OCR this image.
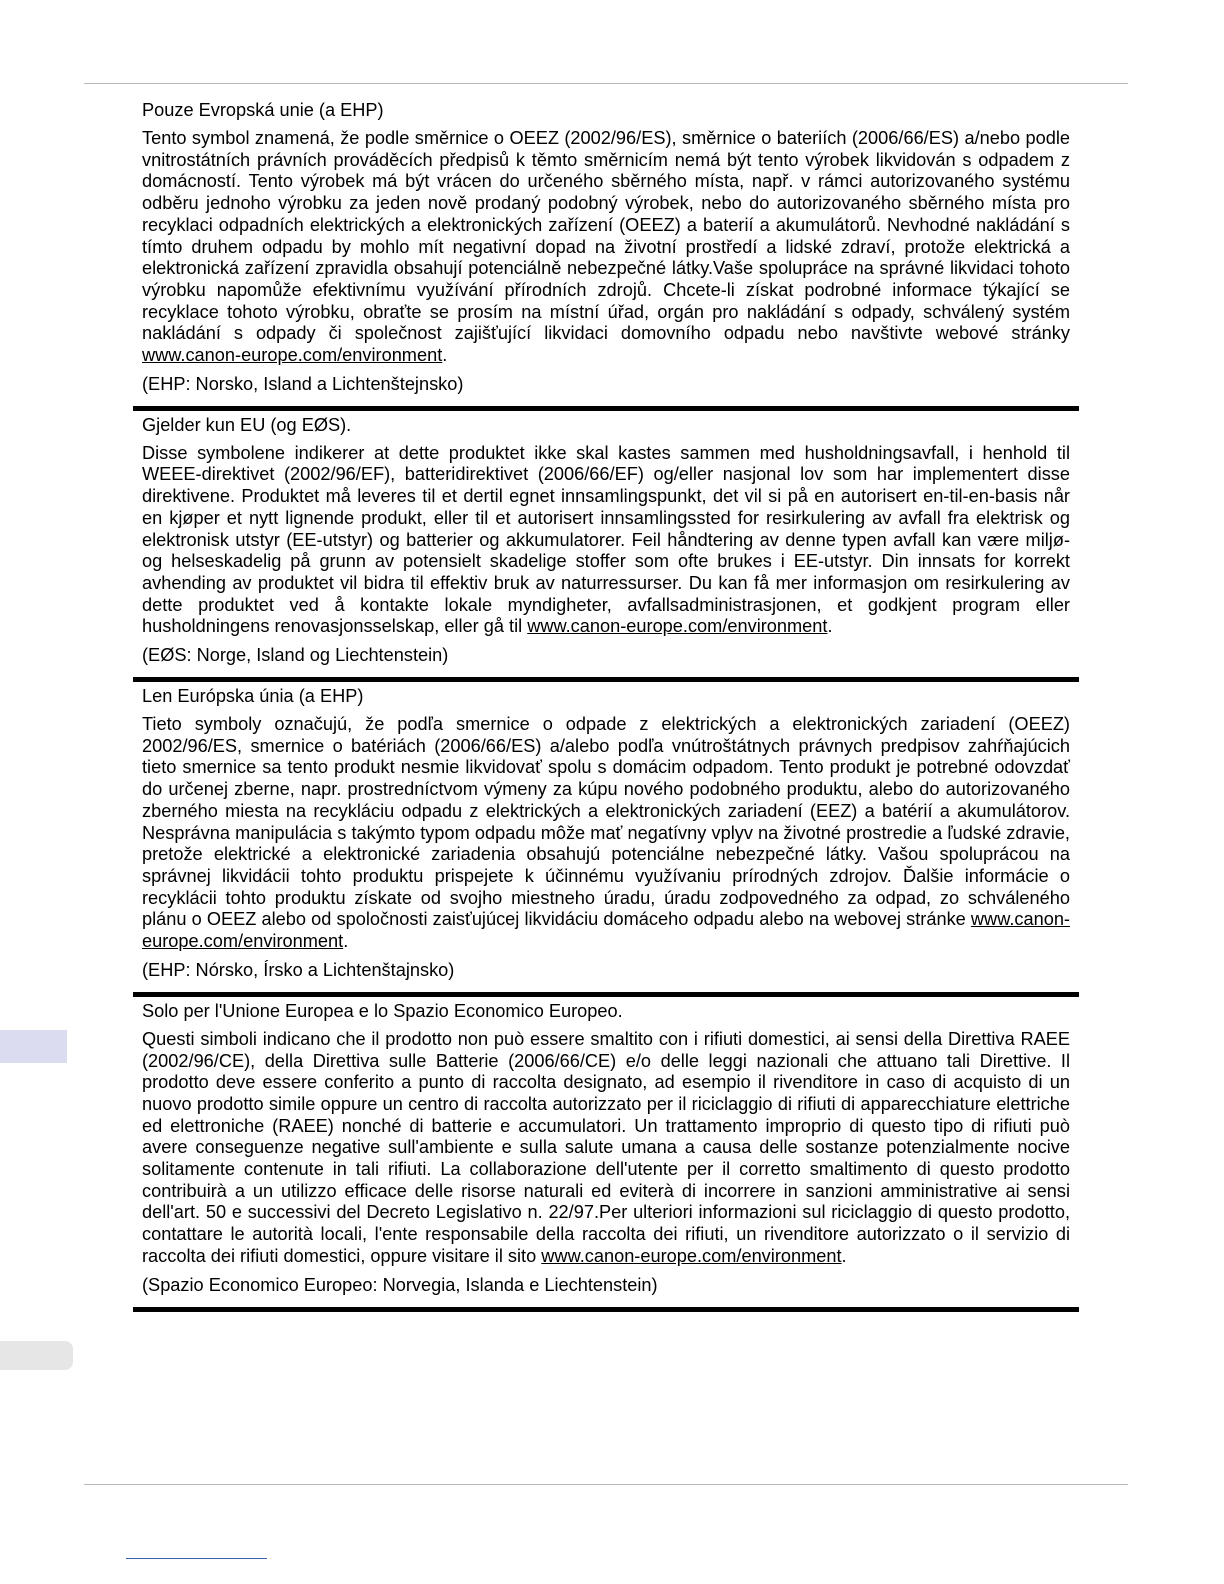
Pouze Evropská unie (a EHP)

Tento symbol znamená, že podle směrnice o OEEZ (2002/96/ES), směrnice o bateriích (2006/66/ES) a/nebo podle vnitrostátních právních prováděcích předpisů k těmto směrnicím nemá být tento výrobek likvidován s odpadem z domácností. Tento výrobek má být vrácen do určeného sběrného místa, např. v rámci autorizovaného systému odběru jednoho výrobku za jeden nově prodaný podobný výrobek, nebo do autorizovaného sběrného místa pro recyklaci odpadních elektrických a elektronických zařízení (OEEZ) a baterií a akumulátorů. Nevhodné nakládání s tímto druhem odpadu by mohlo mít negativní dopad na životní prostředí a lidské zdraví, protože elektrická a elektronická zařízení zpravidla obsahují potenciálně nebezpečné látky.Vaše spolupráce na správné likvidaci tohoto výrobku napomůže efektivnímu využívání přírodních zdrojů. Chcete-li získat podrobné informace týkající se recyklace tohoto výrobku, obraťte se prosím na místní úřad, orgán pro nakládání s odpady, schválený systém nakládání s odpady či společnost zajišťující likvidaci domovního odpadu nebo navštivte webové stránky www.canon-europe.com/environment.

(EHP: Norsko, Island a Lichtenštejnsko)
Gjelder kun EU (og EØS).

Disse symbolene indikerer at dette produktet ikke skal kastes sammen med husholdningsavfall, i henhold til WEEE-direktivet (2002/96/EF), batteridirektivet (2006/66/EF) og/eller nasjonal lov som har implementert disse direktivene. Produktet må leveres til et dertil egnet innsamlingspunkt, det vil si på en autorisert en-til-en-basis når en kjøper et nytt lignende produkt, eller til et autorisert innsamlingssted for resirkulering av avfall fra elektrisk og elektronisk utstyr (EE-utstyr) og batterier og akkumulatorer. Feil håndtering av denne typen avfall kan være miljø- og helseskadelig på grunn av potensielt skadelige stoffer som ofte brukes i EE-utstyr. Din innsats for korrekt avhending av produktet vil bidra til effektiv bruk av naturressurser. Du kan få mer informasjon om resirkulering av dette produktet ved å kontakte lokale myndigheter, avfallsadministrasjonen, et godkjent program eller husholdningens renovasjonsselskap, eller gå til www.canon-europe.com/environment.

(EØS: Norge, Island og Liechtenstein)
Len Európska únia (a EHP)

Tieto symboly označujú, že podľa smernice o odpade z elektrických a elektronických zariadení (OEEZ) 2002/96/ES, smernice o batériách (2006/66/ES) a/alebo podľa vnútroštátnych právnych predpisov zahŕňajúcich tieto smernice sa tento produkt nesmie likvidovať spolu s domácim odpadom. Tento produkt je potrebné odovzdať do určenej zberne, napr. prostredníctvom výmeny za kúpu nového podobného produktu, alebo do autorizovaného zberného miesta na recykláciu odpadu z elektrických a elektronických zariadení (EEZ) a batérií a akumulátorov. Nesprávna manipulácia s takýmto typom odpadu môže mať negatívny vplyv na životné prostredie a ľudské zdravie, pretože elektrické a elektronické zariadenia obsahujú potenciálne nebezpečné látky. Vašou spoluprácou na správnej likvidácii tohto produktu prispejete k účinnému využívaniu prírodných zdrojov. Ďalšie informácie o recyklácii tohto produktu získate od svojho miestneho úradu, úradu zodpovedného za odpad, zo schváleného plánu o OEEZ alebo od spoločnosti zaisťujúcej likvidáciu domáceho odpadu alebo na webovej stránke www.canon-europe.com/environment.

(EHP: Nórsko, Írsko a Lichtenštajnsko)
Solo per l'Unione Europea e lo Spazio Economico Europeo.

Questi simboli indicano che il prodotto non può essere smaltito con i rifiuti domestici, ai sensi della Direttiva RAEE (2002/96/CE), della Direttiva sulle Batterie (2006/66/CE) e/o delle leggi nazionali che attuano tali Direttive. Il prodotto deve essere conferito a punto di raccolta designato, ad esempio il rivenditore in caso di acquisto di un nuovo prodotto simile oppure un centro di raccolta autorizzato per il riciclaggio di rifiuti di apparecchiature elettriche ed elettroniche (RAEE) nonché di batterie e accumulatori. Un trattamento improprio di questo tipo di rifiuti può avere conseguenze negative sull'ambiente e sulla salute umana a causa delle sostanze potenzialmente nocive solitamente contenute in tali rifiuti. La collaborazione dell'utente per il corretto smaltimento di questo prodotto contribuirà a un utilizzo efficace delle risorse naturali ed eviterà di incorrere in sanzioni amministrative ai sensi dell'art. 50 e successivi del Decreto Legislativo n. 22/97.Per ulteriori informazioni sul riciclaggio di questo prodotto, contattare le autorità locali, l'ente responsabile della raccolta dei rifiuti, un rivenditore autorizzato o il servizio di raccolta dei rifiuti domestici, oppure visitare il sito www.canon-europe.com/environment.

(Spazio Economico Europeo: Norvegia, Islanda e Liechtenstein)
